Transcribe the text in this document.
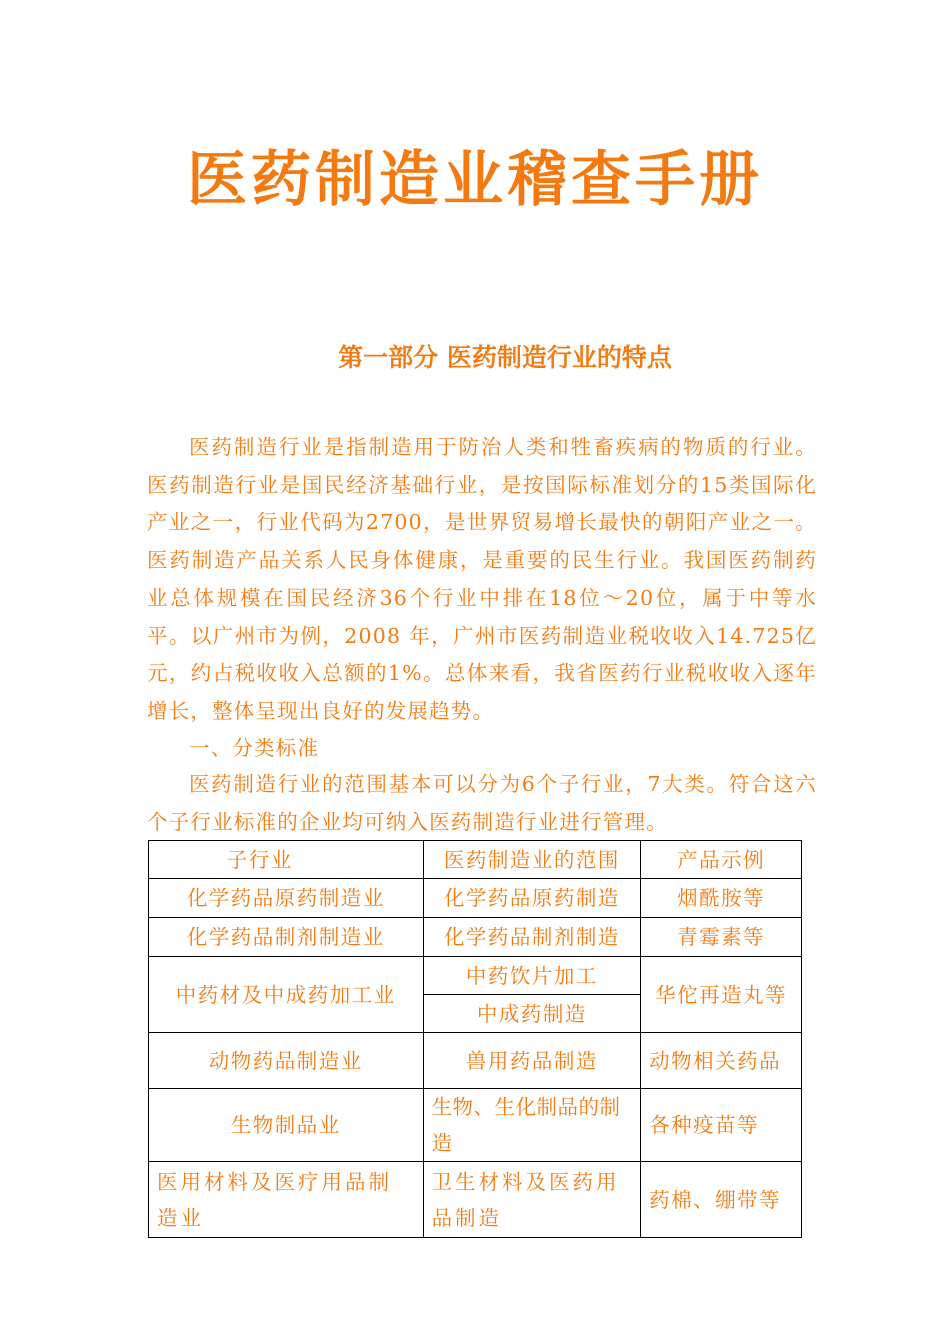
医药制造业稽查手册
第一部分 医药制造行业的特点

医药制造行业是指制造用于防治人类和牲畜疾病的物质的行业。医药制造行业是国民经济基础行业，是按国际标准划分的15类国际化产业之一，行业代码为2700，是世界贸易增长最快的朝阳产业之一。医药制造产品关系人民身体健康，是重要的民生行业。我国医药制药业总体规模在国民经济36个行业中排在18位～20位，属于中等水平。以广州市为例，2008 年，广州市医药制造业税收收入14.725亿元，约占税收收入总额的1%。总体来看，我省医药行业税收收入逐年增长，整体呈现出良好的发展趋势。

一、分类标准

医药制造行业的范围基本可以分为6个子行业，7大类。符合这六个子行业标准的企业均可纳入医药制造行业进行管理。

子行业	医药制造业的范围	产品示例
化学药品原药制造业	化学药品原药制造	烟酰胺等
化学药品制剂制造业	化学药品制剂制造	青霉素等
中药材及中成药加工业	中药饮片加工	华佗再造丸等
	中成药制造	
动物药品制造业	兽用药品制造	动物相关药品
生物制品业	生物、生化制品的制造	各种疫苗等
医用材料及医疗用品制造业	卫生材料及医药用品制造	药棉、绷带等
